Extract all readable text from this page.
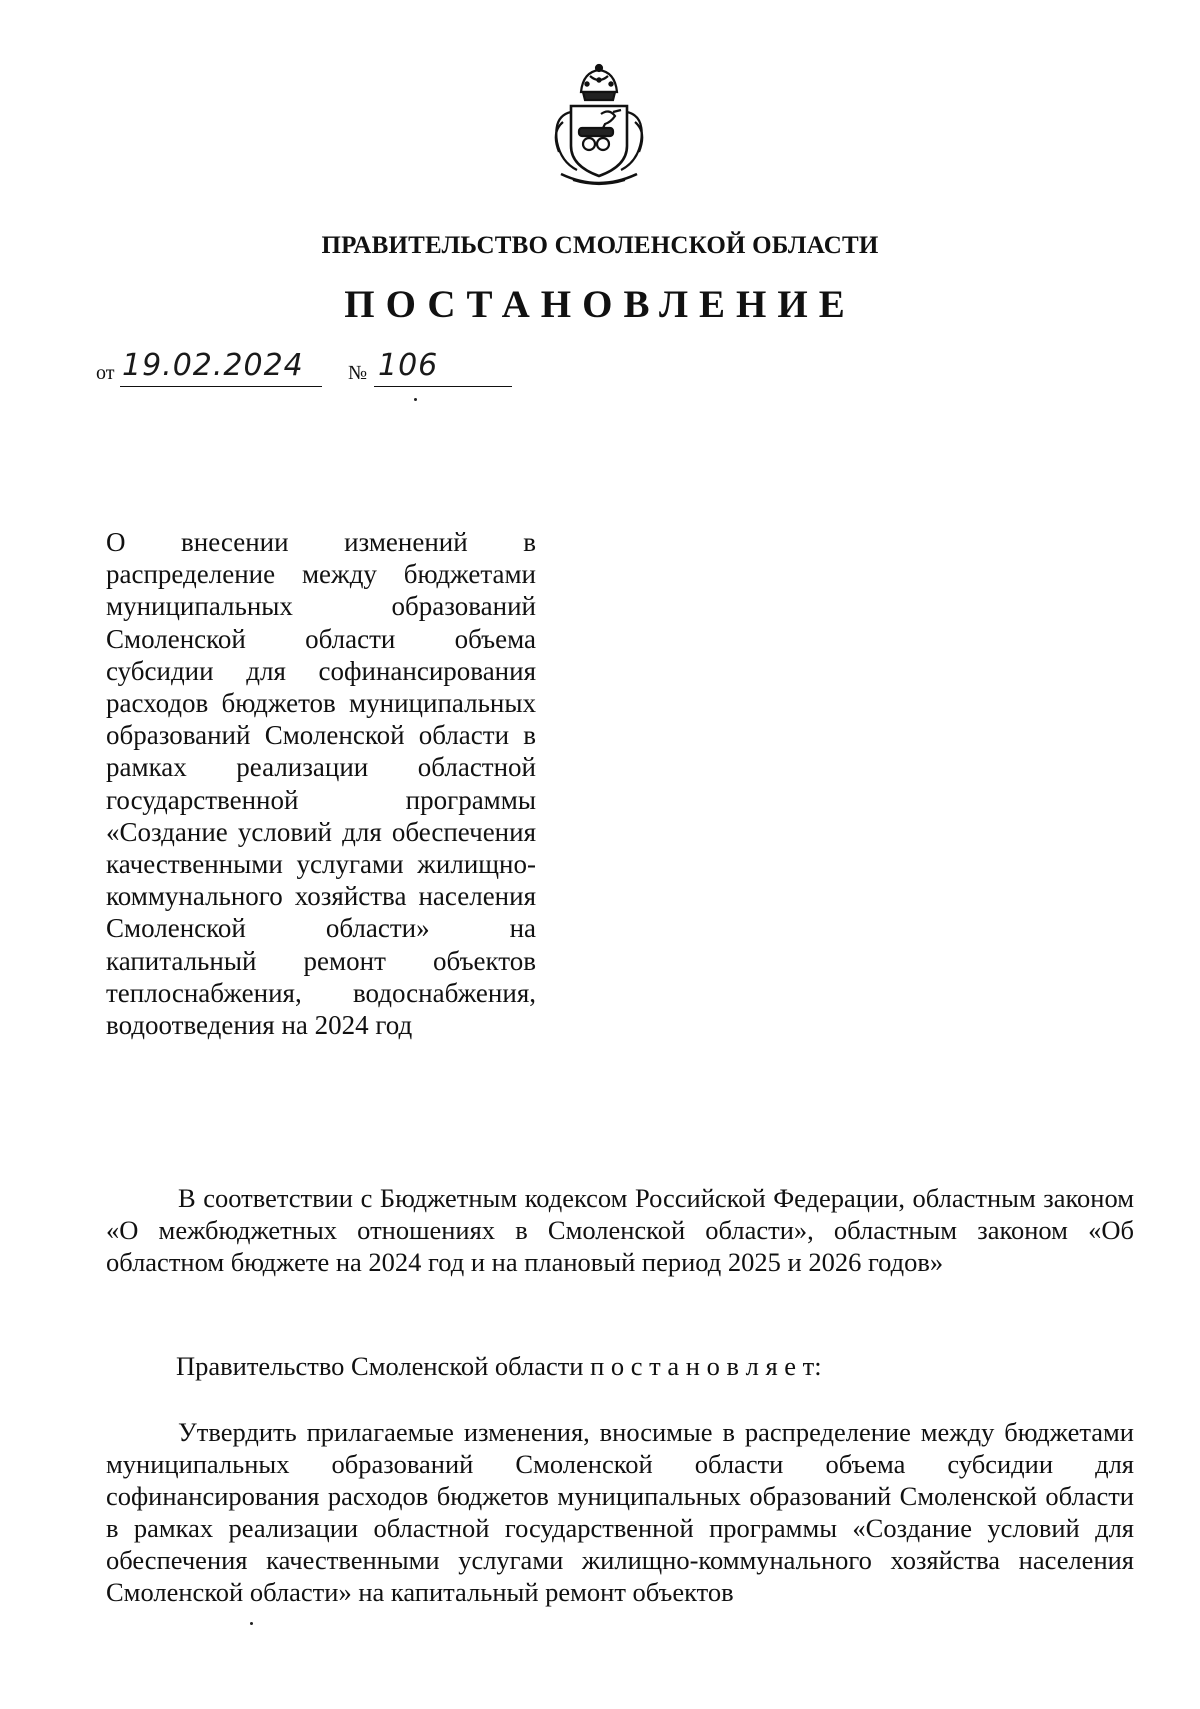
ПРАВИТЕЛЬСТВО СМОЛЕНСКОЙ ОБЛАСТИ
ПОСТАНОВЛЕНИЕ
от 19.02.2024 № 106
О внесении изменений в распределение между бюджетами муниципальных образований Смоленской области объема субсидии для софинансирования расходов бюджетов муниципальных образований Смоленской области в рамках реализации областной государственной программы «Создание условий для обеспечения качественными услугами жилищно-коммунального хозяйства населения Смоленской области» на капитальный ремонт объектов теплоснабжения, водоснабжения, водоотведения на 2024 год
В соответствии с Бюджетным кодексом Российской Федерации, областным законом «О межбюджетных отношениях в Смоленской области», областным законом «Об областном бюджете на 2024 год и на плановый период 2025 и 2026 годов»
Правительство Смоленской области п о с т а н о в л я е т:
Утвердить прилагаемые изменения, вносимые в распределение между бюджетами муниципальных образований Смоленской области объема субсидии для софинансирования расходов бюджетов муниципальных образований Смоленской области в рамках реализации областной государственной программы «Создание условий для обеспечения качественными услугами жилищно-коммунального хозяйства населения Смоленской области» на капитальный ремонт объектов
